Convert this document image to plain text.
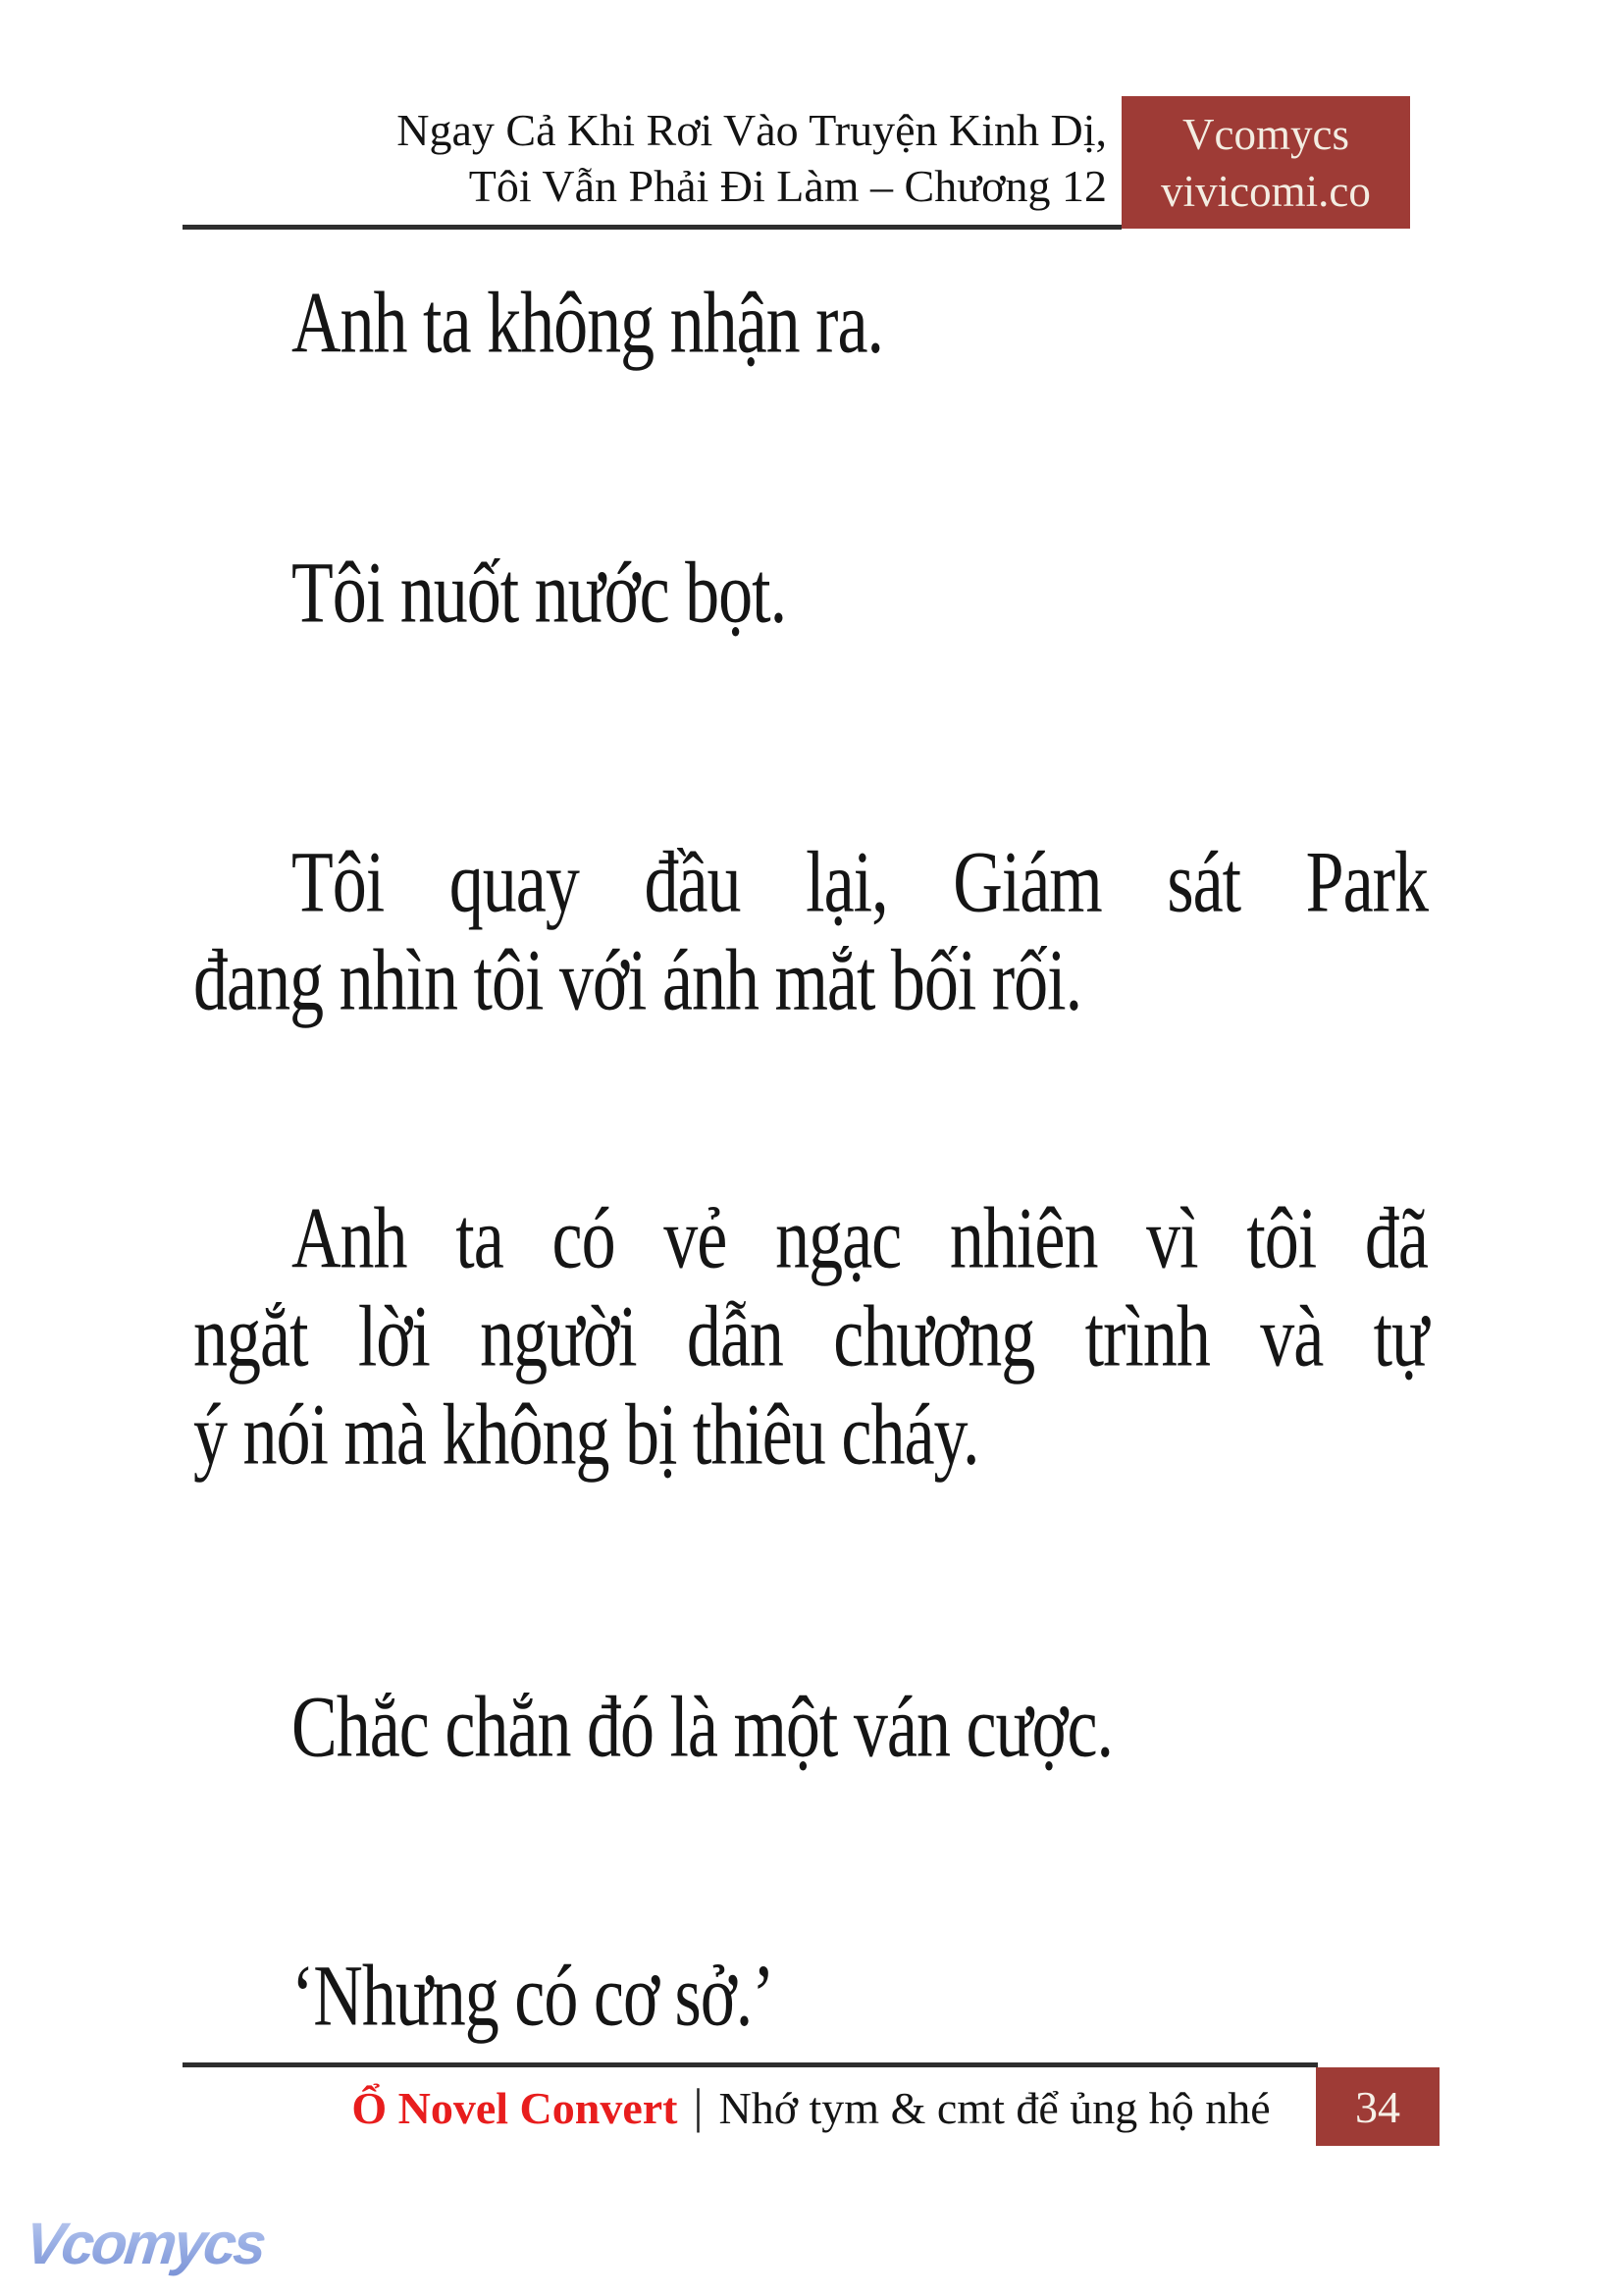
Ngay Cả Khi Rơi Vào Truyện Kinh Dị,
Tôi Vẫn Phải Đi Làm – Chương 12
Vcomycs
vivicomi.co
Anh ta không nhận ra.
Tôi nuốt nước bọt.
Tôi quay đầu lại, Giám sát Park
đang nhìn tôi với ánh mắt bối rối.
Anh ta có vẻ ngạc nhiên vì tôi đã
ngắt lời người dẫn chương trình và tự
ý nói mà không bị thiêu cháy.
Chắc chắn đó là một ván cược.
‘Nhưng có cơ sở.’
Ổ Novel Convert | Nhớ tym & cmt để ủng hộ nhé 34
Vcomycs
